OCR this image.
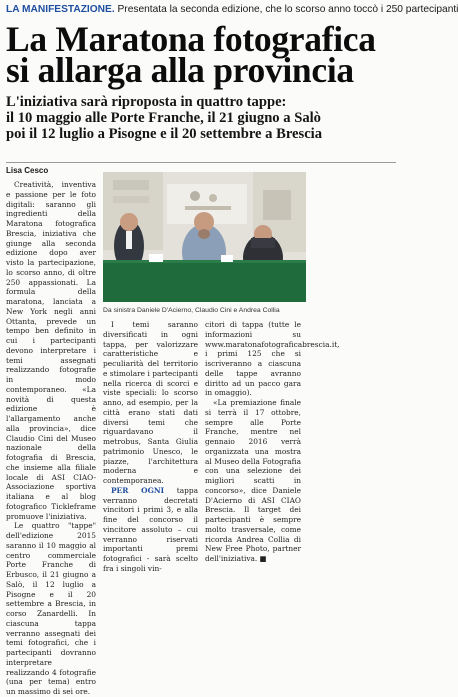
LA MANIFESTAZIONE. Presentata la seconda edizione, che lo scorso anno toccò i 250 partecipanti
La Maratona fotografica
si allarga alla provincia
L'iniziativa sarà riproposta in quattro tappe:
il 10 maggio alle Porte Franche, il 21 giugno a Salò
poi il 12 luglio a Pisogne e il 20 settembre a Brescia
Lisa Cesco

Creatività, inventiva e passione per le foto digitali: saranno gli ingredienti della Maratona fotografica Brescia, iniziativa che giunge alla seconda edizione dopo aver visto la partecipazione, lo scorso anno, di oltre 250 appassionati. La formula della maratona, lanciata a New York negli anni Ottanta, prevede un tempo ben definito in cui i partecipanti devono interpretare i temi assegnati realizzando fotografie in modo contemporaneo. «La novità di questa edizione è l'allargamento anche alla provincia», dice Claudio Cini del Museo nazionale della fotografia di Brescia, che insieme alla filiale locale di ASI CIAO-Associazione sportiva italiana e al blog fotografico Tickleframe promuove l'iniziativa.

Le quattro "tappe" dell'edizione 2015 saranno il 10 maggio al centro commerciale Porte Franche di Erbusco, il 21 giugno a Salò, il 12 luglio a Pisogne e il 20 settembre a Brescia, in corso Zanardelli. In ciascuna tappa verranno assegnati dei temi fotografici, che i partecipanti dovranno interpretare realizzando 4 fotografie (una per tema) entro un massimo di sei ore.

Da sinistra Daniele D'Acierno, Claudio Cini e Andrea Collia

I temi saranno diversificati in ogni tappa, per valorizzare caratteristiche e peculiarità del territorio e stimolare i partecipanti nella ricerca di scorci e viste speciali: lo scorso anno, ad esempio, per la città erano stati dati diversi temi che riguardavano il metrobus, Santa Giulia patrimonio Unesco, le piazze, l'architettura moderna e contemporanea.

PER OGNI tappa verranno decretati vincitori i primi 3, e alla fine del concorso il vincitore assoluto – cui verranno riservati importanti premi fotografici - sarà scelto fra i singoli vin-

citori di tappa (tutte le informazioni su www.maratonafotograficabrescia.it, i primi 125 che si iscriveranno a ciascuna delle tappe avranno diritto ad un pacco gara in omaggio).

«La premiazione finale si terrà il 17 ottobre, sempre alle Porte Franche, mentre nel gennaio 2016 verrà organizzata una mostra al Museo della Fotografia con una selezione dei migliori scatti in concorso», dice Daniele D'Acierno di ASI CIAO Brescia. Il target dei partecipanti è sempre molto trasversale, come ricorda Andrea Collia di New Free Photo, partner dell'iniziativa. ■
